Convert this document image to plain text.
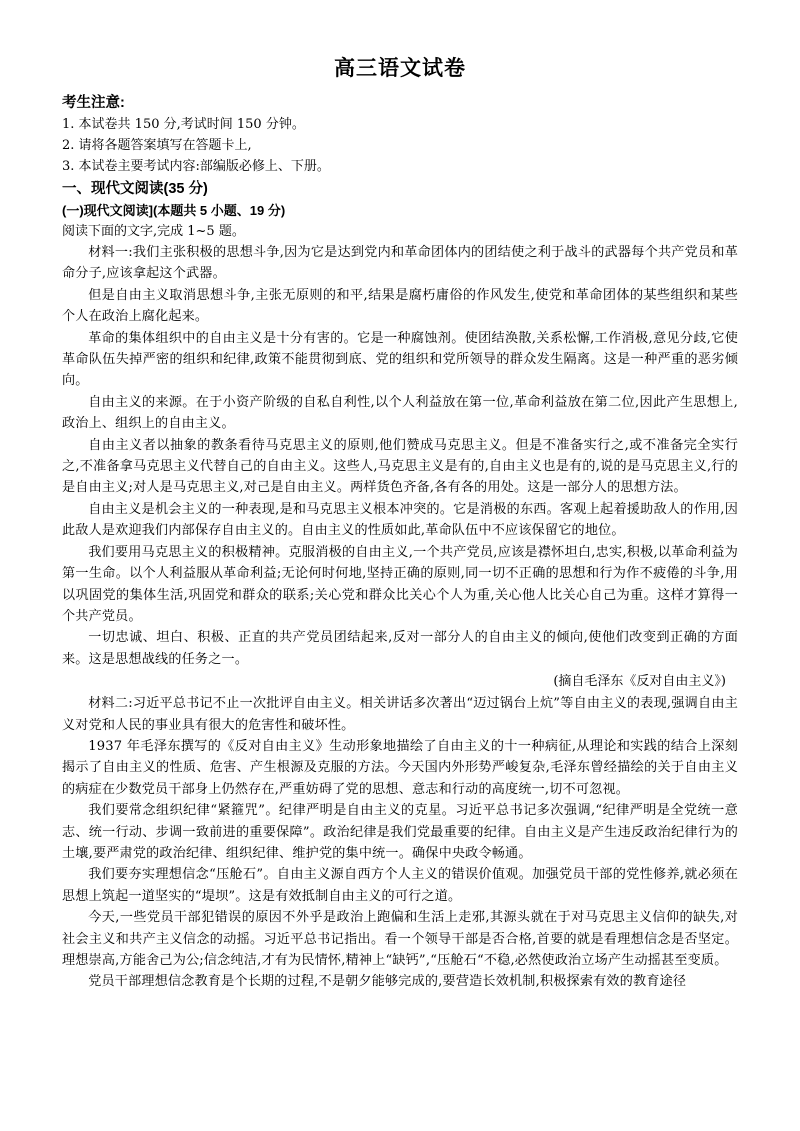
高三语文试卷
考生注意:
1. 本试卷共 150 分,考试时间 150 分钟。
2. 请将各题答案填写在答题卡上,
3. 本试卷主要考试内容:部编版必修上、下册。
一、现代文阅读(35 分)
(一)现代文阅读](本题共 5 小题、19 分)
阅读下面的文字,完成 1~5 题。

材料一:我们主张积极的思想斗争,因为它是达到党内和革命团体内的团结使之利于战斗的武器每个共产党员和革命分子,应该拿起这个武器。

但是自由主义取消思想斗争,主张无原则的和平,结果是腐朽庸俗的作风发生,使党和革命团体的某些组织和某些个人在政治上腐化起来。

革命的集体组织中的自由主义是十分有害的。它是一种腐蚀剂。使团结涣散,关系松懈,工作消极,意见分歧,它使革命队伍失掉严密的组织和纪律,政策不能贯彻到底、党的组织和党所领导的群众发生隔离。这是一种严重的恶劣倾向。

自由主义的来源。在于小资产阶级的自私自利性,以个人利益放在第一位,革命利益放在第二位,因此产生思想上,政治上、组织上的自由主义。

自由主义者以抽象的教条看待马克思主义的原则,他们赞成马克思主义。但是不准备实行之,或不准备完全实行之,不准备拿马克思主义代替自己的自由主义。这些人,马克思主义是有的,自由主义也是有的,说的是马克思主义,行的是自由主义;对人是马克思主义,对己是自由主义。两样货色齐备,各有各的用处。这是一部分人的思想方法。

自由主义是机会主义的一种表现,是和马克思主义根本冲突的。它是消极的东西。客观上起着援助敌人的作用,因此敌人是欢迎我们内部保存自由主义的。自由主义的性质如此,革命队伍中不应该保留它的地位。

我们要用马克思主义的积极精神。克服消极的自由主义,一个共产党员,应该是襟怀坦白,忠实,积极,以革命利益为第一生命。以个人利益服从革命利益;无论何时何地,坚持正确的原则,同一切不正确的思想和行为作不疲倦的斗争,用以巩固党的集体生活,巩固党和群众的联系;关心党和群众比关心个人为重,关心他人比关心自己为重。这样才算得一个共产党员。

一切忠诚、坦白、积极、正直的共产党员团结起来,反对一部分人的自由主义的倾向,使他们改变到正确的方面来。这是思想战线的任务之一。

(摘自毛泽东《反对自由主义》)

材料二:习近平总书记不止一次批评自由主义。相关讲话多次著出“迈过锅台上炕”等自由主义的表现,强调自由主义对党和人民的事业具有很大的危害性和破坏性。

1937 年毛泽东撰写的《反对自由主义》生动形象地描绘了自由主义的十一种病征,从理论和实践的结合上深刻揭示了自由主义的性质、危害、产生根源及克服的方法。今天国内外形势严峻复杂,毛泽东曾经描绘的关于自由主义的病症在少数党员干部身上仍然存在,严重妨碍了党的思想、意志和行动的高度统一,切不可忽视。

我们要常念组织纪律“紧箍咒”。纪律严明是自由主义的克星。习近平总书记多次强调,“纪律严明是全党统一意志、统一行动、步调一致前进的重要保障”。政治纪律是我们党最重要的纪律。自由主义是产生违反政治纪律行为的土壤,要严肃党的政治纪律、组织纪律、维护党的集中统一。确保中央政令畅通。

我们要夯实理想信念“压舱石”。自由主义源自西方个人主义的错误价值观。加强党员干部的党性修养,就必须在思想上筑起一道坚实的“堤坝”。这是有效抵制自由主义的可行之道。

今天,一些党员干部犯错误的原因不外乎是政治上跑偏和生活上走邪,其源头就在于对马克思主义信仰的缺失,对社会主义和共产主义信念的动摇。习近平总书记指出。看一个领导干部是否合格,首要的就是看理想信念是否坚定。理想崇高,方能舍己为公;信念纯洁,才有为民情怀,精神上“缺钙”,“压舱石“不稳,必然使政治立场产生动摇甚至变质。

党员干部理想信念教育是个长期的过程,不是朝夕能够完成的,要营造长效机制,积极探索有效的教育途径
